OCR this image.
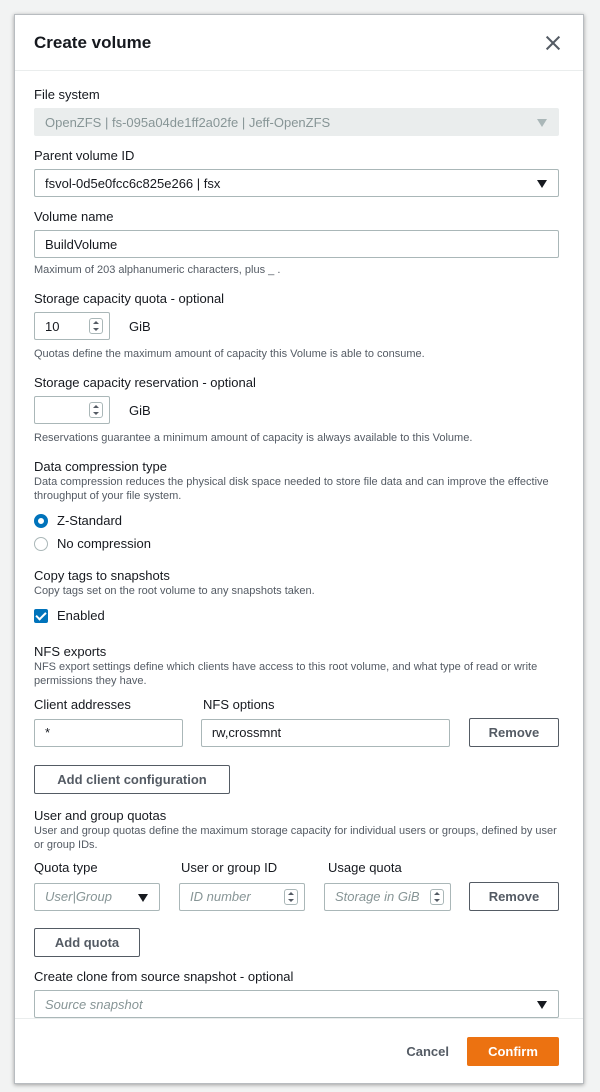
Create volume

File system

OpenZFS | fs-095a04de1ff2a02fe | Jeff-OpenZFS

Parent volume ID

fsvol-0d5e0fcc6c825e266 | fsx

Volume name

BuildVolume

Maximum of 203 alphanumeric characters, plus _ .

Storage capacity quota - optional

10	GiB

Quotas define the maximum amount of capacity this Volume is able to consume.

Storage capacity reservation - optional

GiB

Reservations guarantee a minimum amount of capacity is always available to this Volume.

Data compression type

Data compression reduces the physical disk space needed to store file data and can improve the effective throughput of your file system.

Z-Standard
No compression

Copy tags to snapshots

Copy tags set on the root volume to any snapshots taken.

Enabled

NFS exports

NFS export settings define which clients have access to this root volume, and what type of read or write permissions they have.

Client addresses	NFS options
*	rw,crossmnt	Remove
Add client configuration

User and group quotas

User and group quotas define the maximum storage capacity for individual users or groups, defined by user or group IDs.

Quota type	User or group ID	Usage quota
User|Group	ID number	Storage in GiB	Remove
Add quota

Create clone from source snapshot - optional

Source snapshot
Cancel	Confirm
